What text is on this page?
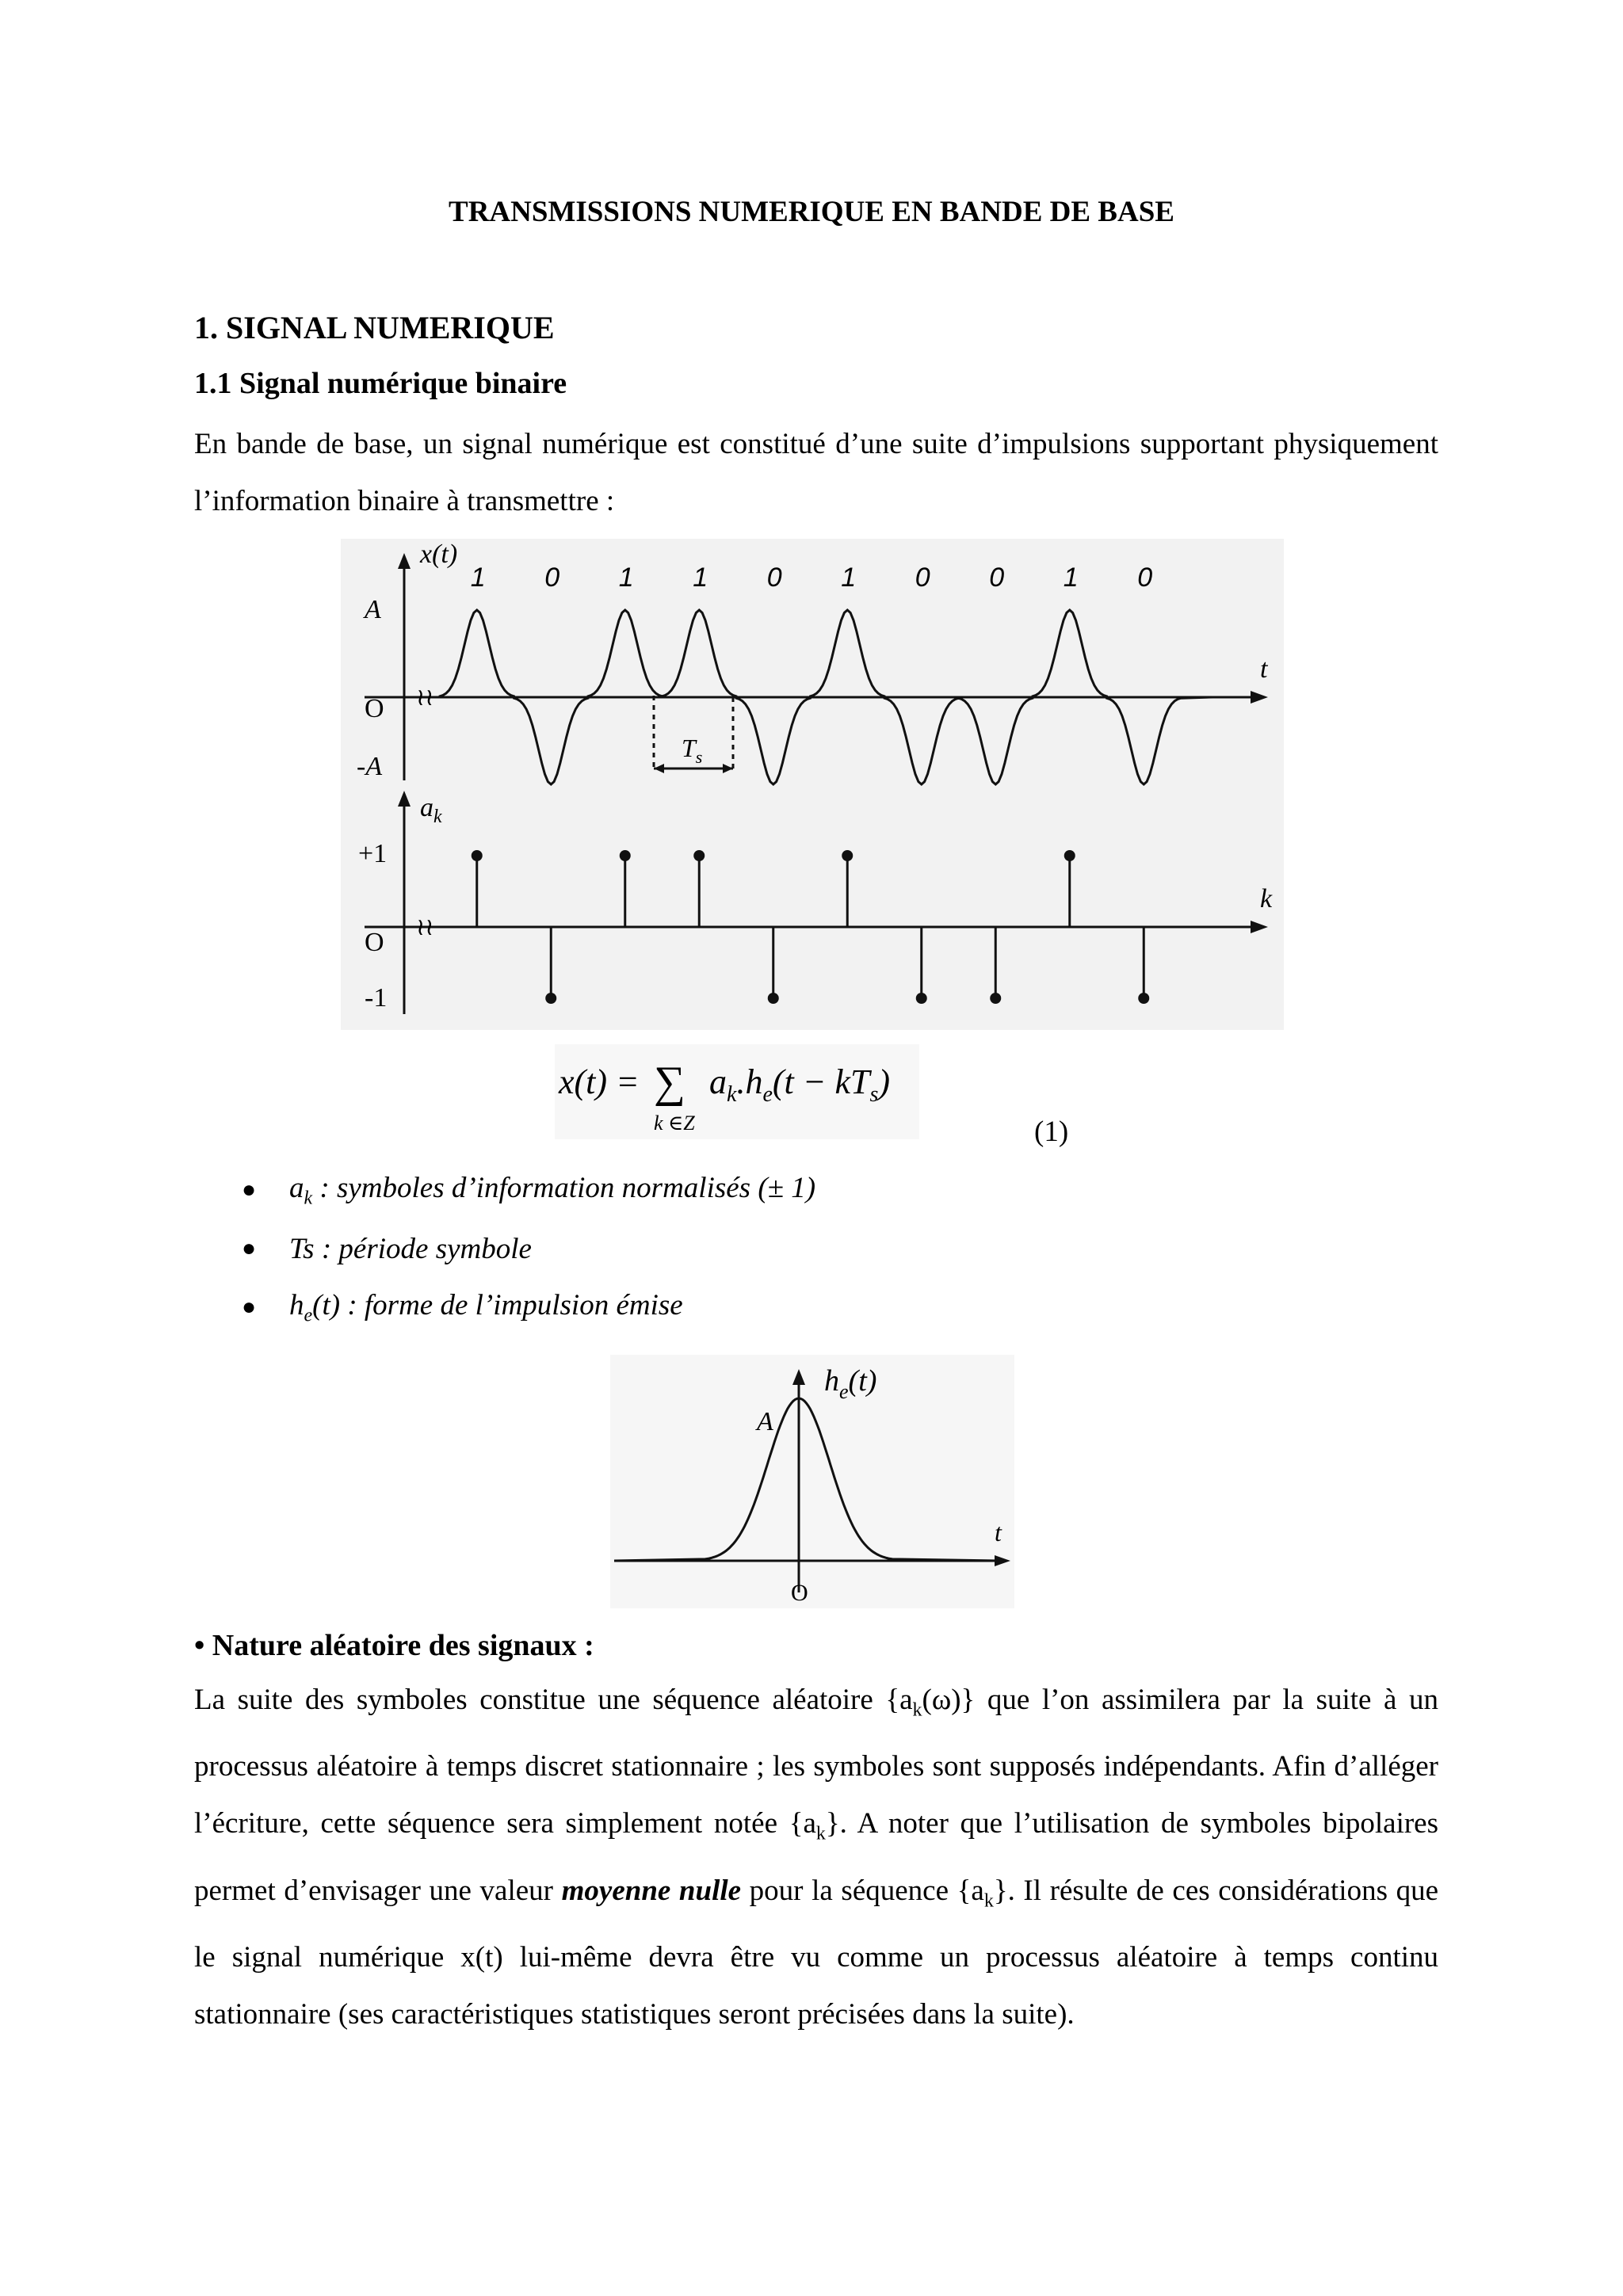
TRANSMISSIONS NUMERIQUE EN BANDE DE BASE
1. SIGNAL NUMERIQUE
1.1 Signal numérique binaire
En bande de base, un signal numérique est constitué d’une suite d’impulsions supportant physiquement l’information binaire à transmettre :
x(t)
A
O
-A
t
≀≀
$T_s$
1 0 1 1 0 1 0 0 1 0
$a_k$
+1
O
-1
k
≀≀
x(t) = ∑
k ∈Z
$a_k.h_e(t - kT_s)$
(1)
●	$a_k$ : symboles d’information normalisés (± 1)
●	Ts : période symbole
●	$h_e(t)$ : forme de l’impulsion émise
$h_e(t)$
A
O
t
• Nature aléatoire des signaux :
La suite des symboles constitue une séquence aléatoire $\{a_k(\omega)\}$ que l’on assimilera par la suite à un processus aléatoire à temps discret stationnaire ; les symboles sont supposés indépendants. Afin d’alléger l’écriture, cette séquence sera simplement notée $\{a_k\}$. A noter que l’utilisation de symboles bipolaires permet d’envisager une valeur moyenne nulle pour la séquence $\{a_k\}$. Il résulte de ces considérations que le signal numérique x(t) lui-même devra être vu comme un processus aléatoire à temps continu stationnaire (ses caractéristiques statistiques seront précisées dans la suite).
